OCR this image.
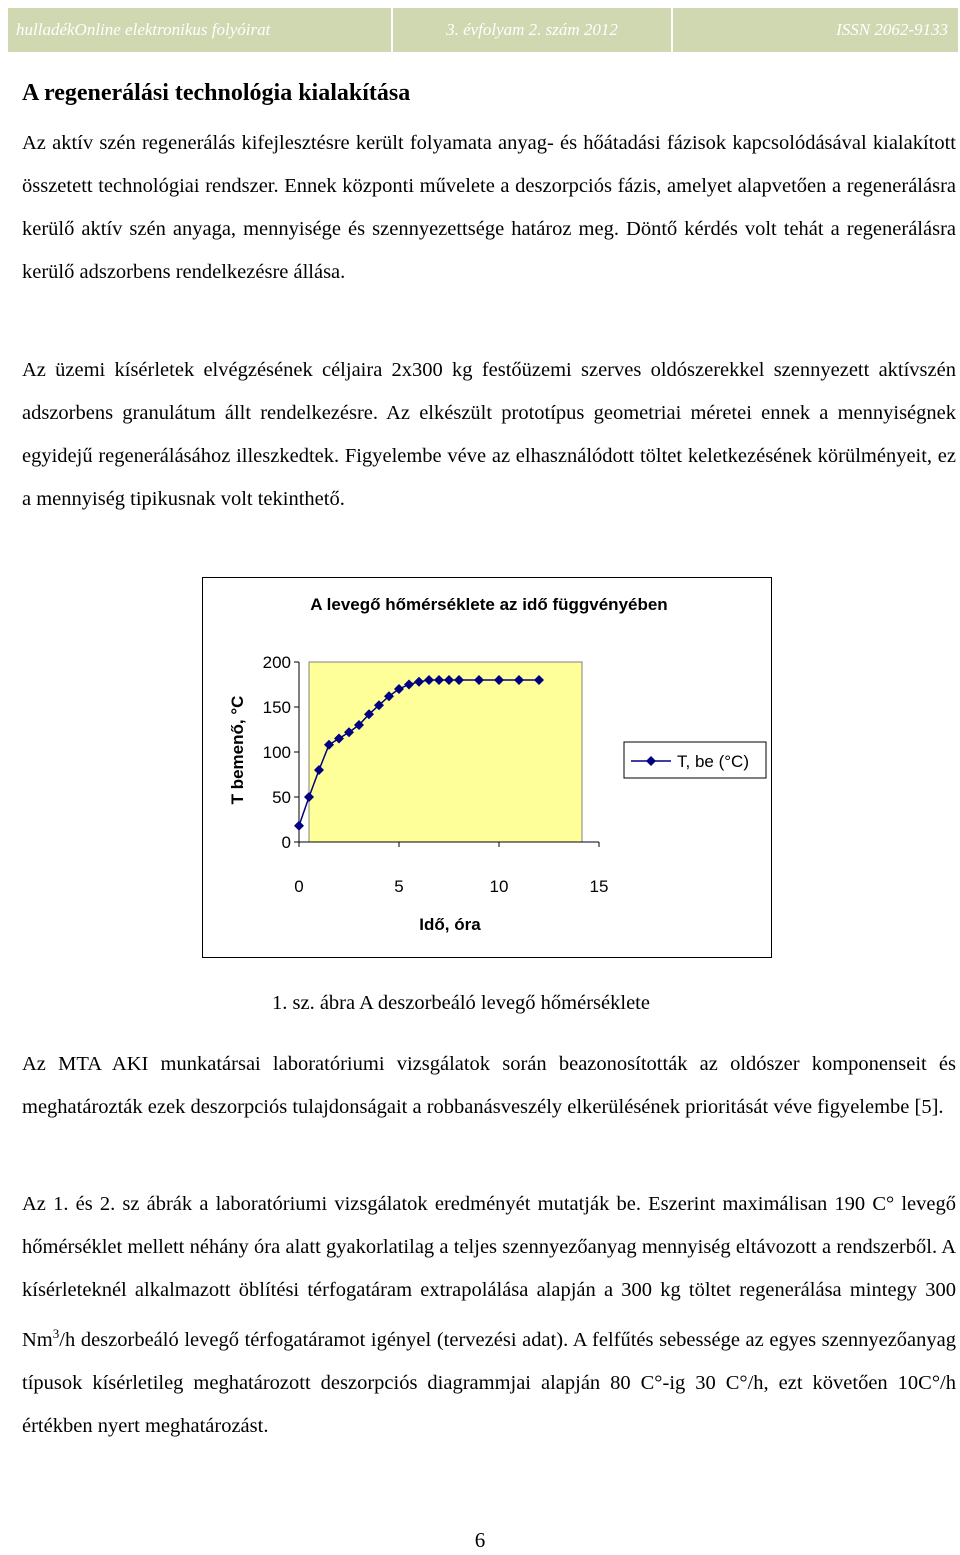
hulladékOnline elektronikus folyóirat	3. évfolyam 2. szám 2012	ISSN 2062-9133
A regenerálási technológia kialakítása

Az aktív szén regenerálás kifejlesztésre került folyamata anyag- és hőátadási fázisok kapcsolódásával kialakított összetett technológiai rendszer. Ennek központi művelete a deszorpciós fázis, amelyet alapvetően a regenerálásra kerülő aktív szén anyaga, mennyisége és szennyezettsége határoz meg. Döntő kérdés volt tehát a regenerálásra kerülő adszorbens rendelkezésre állása.

Az üzemi kísérletek elvégzésének céljaira 2x300 kg festőüzemi szerves oldószerekkel szennyezett aktívszén adszorbens granulátum állt rendelkezésre. Az elkészült prototípus geometriai méretei ennek a mennyiségnek egyidejű regenerálásához illeszkedtek. Figyelembe véve az elhasználódott töltet keletkezésének körülményeit, ez a mennyiség tipikusnak volt tekinthető.

A levegő hőmérséklete az idő függvényében
0
50
100
150
200
0	5	10	15
T bemenő, °C
Idő, óra
T, be (°C)

1. sz. ábra A deszorbeáló levegő hőmérséklete

Az MTA AKI munkatársai laboratóriumi vizsgálatok során beazonosították az oldószer komponenseit és meghatározták ezek deszorpciós tulajdonságait a robbanásveszély elkerülésének prioritását véve figyelembe [5].

Az 1. és 2. sz ábrák a laboratóriumi vizsgálatok eredményét mutatják be. Eszerint maximálisan 190 C° levegő hőmérséklet mellett néhány óra alatt gyakorlatilag a teljes szennyezőanyag mennyiség eltávozott a rendszerből. A kísérleteknél alkalmazott öblítési térfogatáram extrapolálása alapján a 300 kg töltet regenerálása mintegy 300 Nm$^3$/h deszorbeáló levegő térfogatáramot igényel (tervezési adat). A felfűtés sebessége az egyes szennyezőanyag típusok kísérletileg meghatározott deszorpciós diagrammjai alapján 80 C°-ig 30 C°/h, ezt követően 10C°/h értékben nyert meghatározást.

6
